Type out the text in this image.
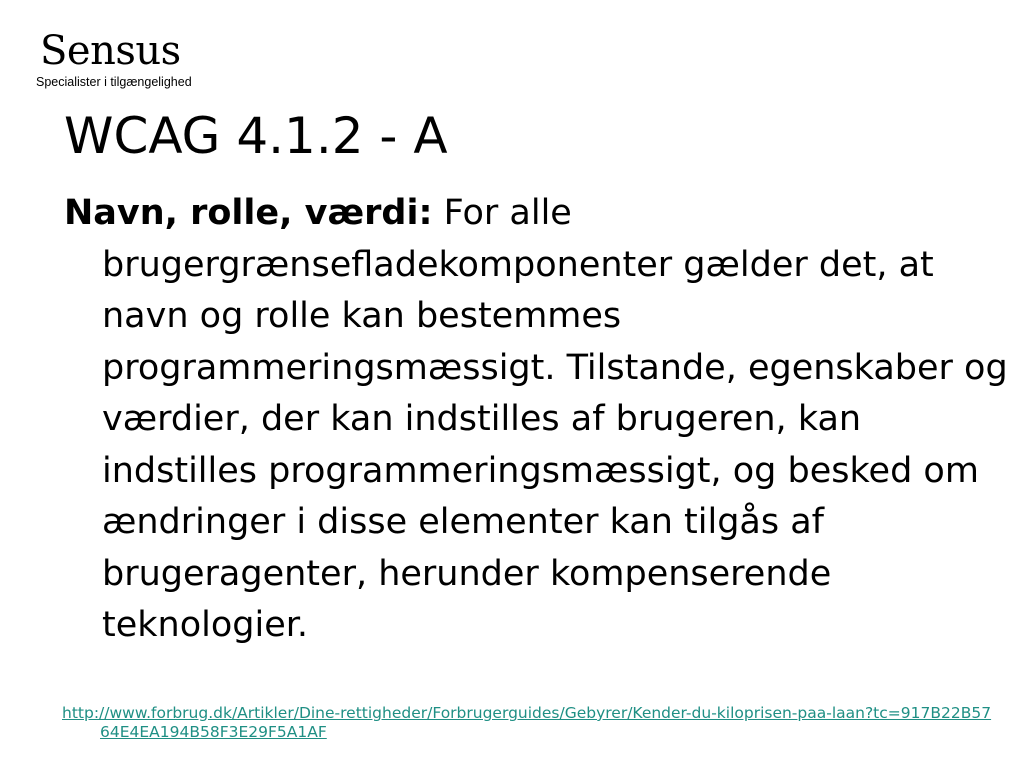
Sensus
Specialister i tilgængelighed
WCAG 4.1.2 - A

Navn, rolle, værdi: For alle brugergrænsefladekomponenter gælder det, at navn og rolle kan bestemmes programmeringsmæssigt. Tilstande, egenskaber og værdier, der kan indstilles af brugeren, kan indstilles programmeringsmæssigt, og besked om ændringer i disse elementer kan tilgås af brugeragenter, herunder kompenserende teknologier.

http://www.forbrug.dk/Artikler/Dine-rettigheder/Forbrugerguides/Gebyrer/Kender-du-kiloprisen-paa-laan?tc=917B22B5764E4EA194B58F3E29F5A1AF
